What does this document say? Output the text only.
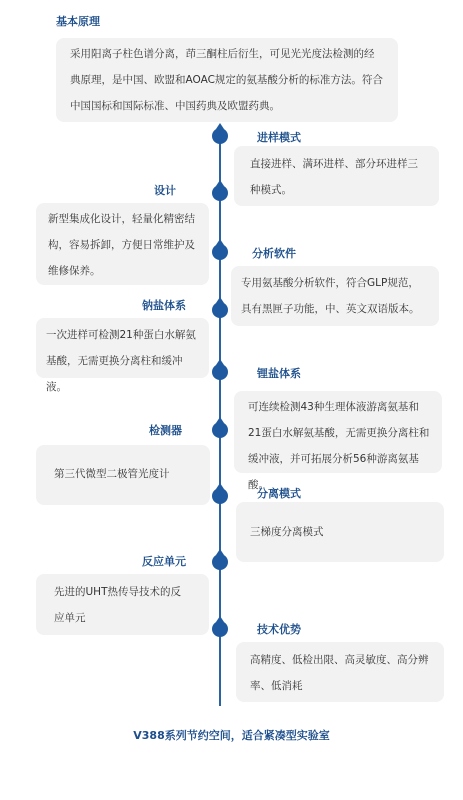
基本原理
采用阳离子柱色谱分离，茚三酮柱后衍生，可见光光度法检测的经典原理，是中国、欧盟和AOAC规定的氨基酸分析的标准方法。符合中国国标和国际标准、中国药典及欧盟药典。
进样模式
直接进样、满环进样、部分环进样三种模式。
设计
新型集成化设计，轻量化精密结构，容易拆卸，方便日常维护及维修保养。
分析软件
专用氨基酸分析软件，符合GLP规范，具有黑匣子功能，中、英文双语版本。
钠盐体系
一次进样可检测21种蛋白水解氨基酸，无需更换分离柱和缓冲液。
锂盐体系
可连续检测43种生理体液游离氨基和21蛋白水解氨基酸，无需更换分离柱和缓冲液，并可拓展分析56种游离氨基酸。
检测器
第三代微型二极管光度计
分离模式
三梯度分离模式
反应单元
先进的UHT热传导技术的反应单元
技术优势
高精度、低检出限、高灵敏度、高分辨率、低消耗
V388系列节约空间，适合紧凑型实验室
